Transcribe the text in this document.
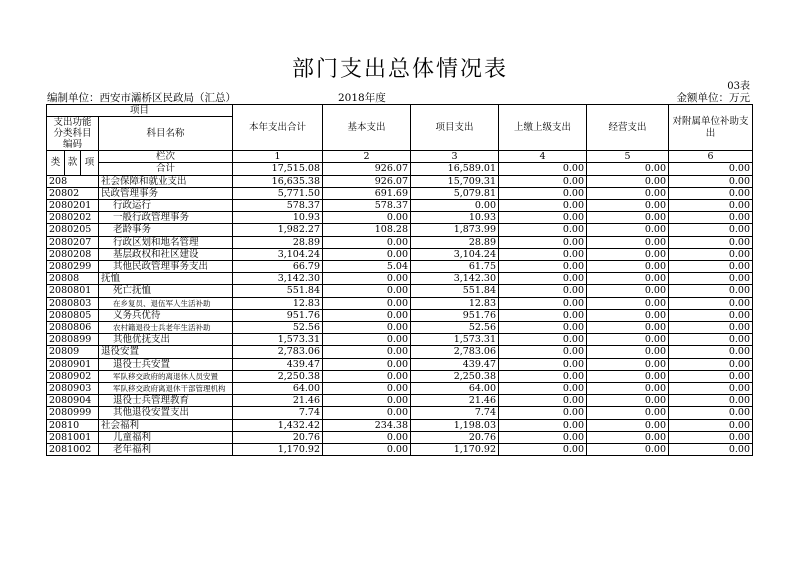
部门支出总体情况表
03表
编制单位：西安市灞桥区民政局（汇总）	2018年度	金额单位：万元
项目				本年支出合计	基本支出	项目支出	上缴上级支出	经营支出	对附属单位补助支出
支出功能分类科目编码			科目名称						

类	款	项	栏次	1	2	3	4	5	6
			合计	17,515.08	926.07	16,589.01	0.00	0.00	0.00
208			社会保障和就业支出	16,635.38	926.07	15,709.31	0.00	0.00	0.00
20802			民政管理事务	5,771.50	691.69	5,079.81	0.00	0.00	0.00
2080201			行政运行	578.37	578.37	0.00	0.00	0.00	0.00
2080202			一般行政管理事务	10.93	0.00	10.93	0.00	0.00	0.00
2080205			老龄事务	1,982.27	108.28	1,873.99	0.00	0.00	0.00
2080207			行政区划和地名管理	28.89	0.00	28.89	0.00	0.00	0.00
2080208			基层政权和社区建设	3,104.24	0.00	3,104.24	0.00	0.00	0.00
2080299			其他民政管理事务支出	66.79	5.04	61.75	0.00	0.00	0.00
20808			抚恤	3,142.30	0.00	3,142.30	0.00	0.00	0.00
2080801			死亡抚恤	551.84	0.00	551.84	0.00	0.00	0.00
2080803			在乡复员、退伍军人生活补助	12.83	0.00	12.83	0.00	0.00	0.00
2080805			义务兵优待	951.76	0.00	951.76	0.00	0.00	0.00
2080806			农村籍退役士兵老年生活补助	52.56	0.00	52.56	0.00	0.00	0.00
2080899			其他优抚支出	1,573.31	0.00	1,573.31	0.00	0.00	0.00
20809			退役安置	2,783.06	0.00	2,783.06	0.00	0.00	0.00
2080901			退役士兵安置	439.47	0.00	439.47	0.00	0.00	0.00
2080902			军队移交政府的离退休人员安置	2,250.38	0.00	2,250.38	0.00	0.00	0.00
2080903			军队移交政府离退休干部管理机构	64.00	0.00	64.00	0.00	0.00	0.00
2080904			退役士兵管理教育	21.46	0.00	21.46	0.00	0.00	0.00
2080999			其他退役安置支出	7.74	0.00	7.74	0.00	0.00	0.00
20810			社会福利	1,432.42	234.38	1,198.03	0.00	0.00	0.00
2081001			儿童福利	20.76	0.00	20.76	0.00	0.00	0.00
2081002			老年福利	1,170.92	0.00	1,170.92	0.00	0.00	0.00
